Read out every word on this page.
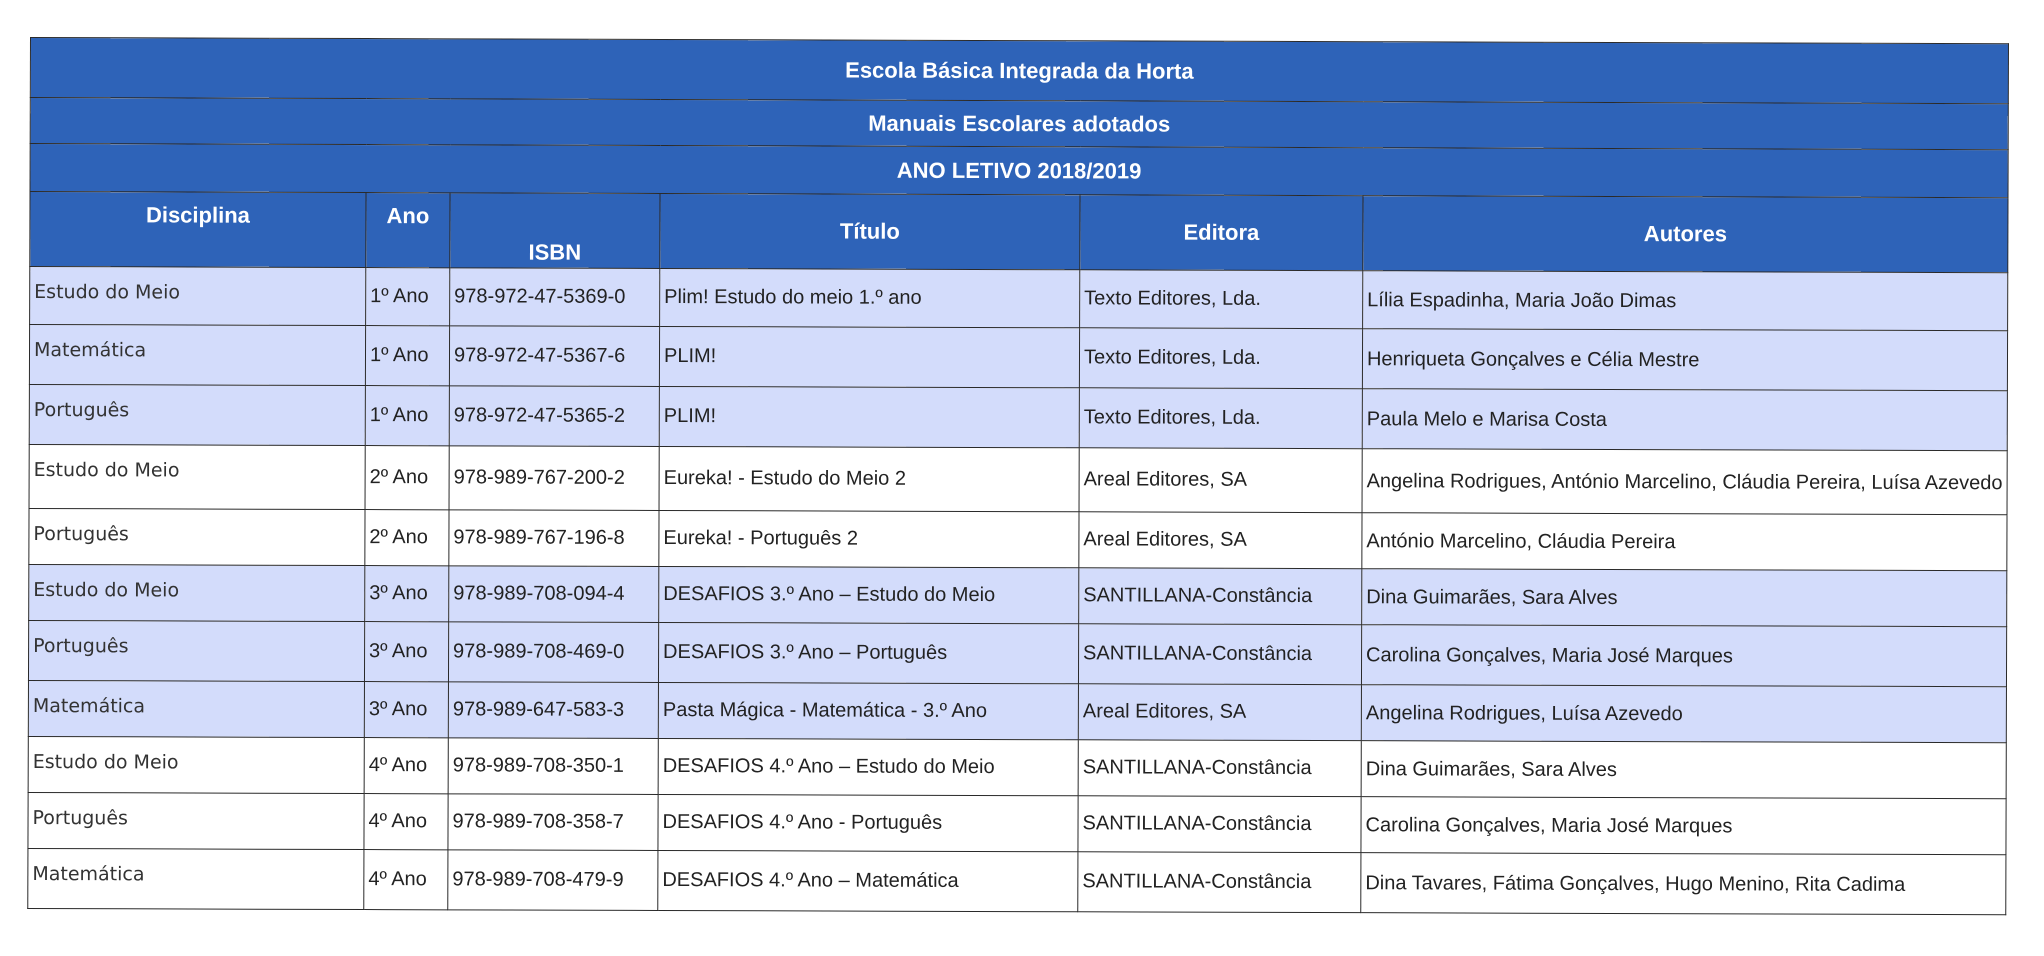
Escola Básica Integrada da Horta					
Manuais Escolares adotados					
ANO LETIVO 2018/2019					
Disciplina	Ano	ISBN	Título	Editora	Autores
Estudo do Meio	1º Ano	978-972-47-5369-0	Plim! Estudo do meio 1.º ano	Texto Editores, Lda.	Lília Espadinha, Maria João Dimas
Matemática	1º Ano	978-972-47-5367-6	PLIM!	Texto Editores, Lda.	Henriqueta Gonçalves e Célia Mestre
Português	1º Ano	978-972-47-5365-2	PLIM!	Texto Editores, Lda.	Paula Melo e Marisa Costa
Estudo do Meio	2º Ano	978-989-767-200-2	Eureka! - Estudo do Meio 2	Areal Editores, SA	Angelina Rodrigues, António Marcelino, Cláudia Pereira, Luísa Azevedo
Português	2º Ano	978-989-767-196-8	Eureka! - Português 2	Areal Editores, SA	António Marcelino, Cláudia Pereira
Estudo do Meio	3º Ano	978-989-708-094-4	DESAFIOS 3.º Ano – Estudo do Meio	SANTILLANA-Constância	Dina Guimarães, Sara Alves
Português	3º Ano	978-989-708-469-0	DESAFIOS 3.º Ano – Português	SANTILLANA-Constância	Carolina Gonçalves, Maria José Marques
Matemática	3º Ano	978-989-647-583-3	Pasta Mágica - Matemática - 3.º Ano	Areal Editores, SA	Angelina Rodrigues, Luísa Azevedo
Estudo do Meio	4º Ano	978-989-708-350-1	DESAFIOS 4.º Ano – Estudo do Meio	SANTILLANA-Constância	Dina Guimarães, Sara Alves
Português	4º Ano	978-989-708-358-7	DESAFIOS 4.º Ano - Português	SANTILLANA-Constância	Carolina Gonçalves, Maria José Marques
Matemática	4º Ano	978-989-708-479-9	DESAFIOS 4.º Ano – Matemática	SANTILLANA-Constância	Dina Tavares, Fátima Gonçalves, Hugo Menino, Rita Cadima
